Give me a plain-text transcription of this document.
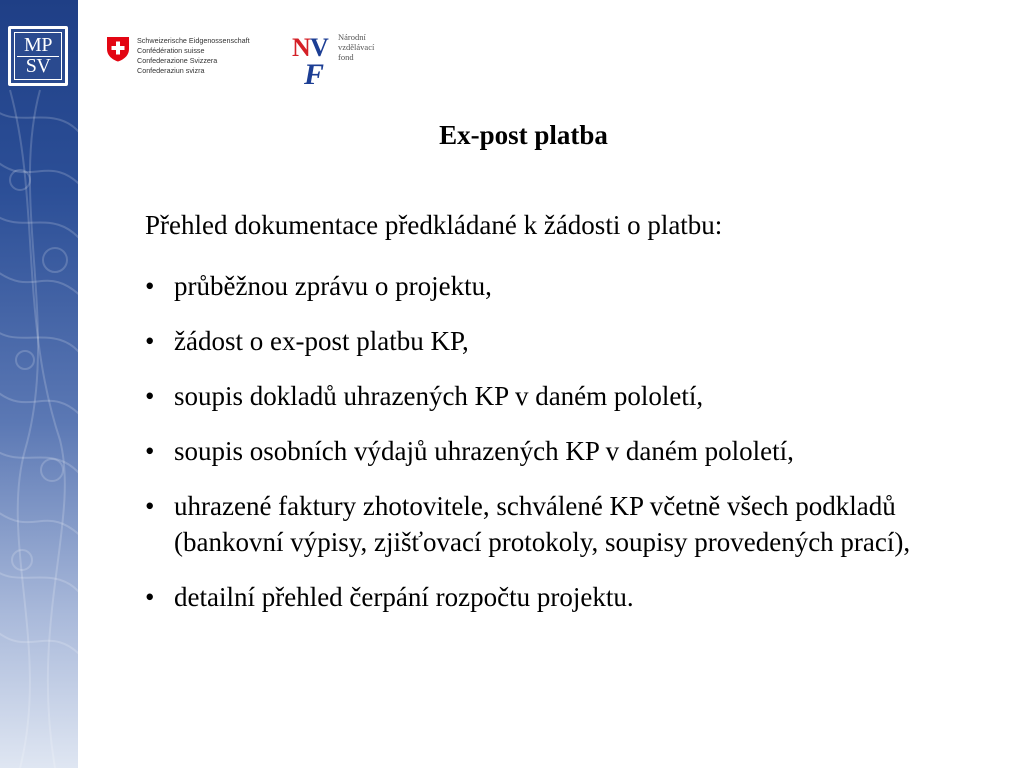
MP
SV
Schweizerische Eidgenossenschaft
Confédération suisse
Confederazione Svizzera
Confederaziun svizra
N V
F
Národní
vzdělávací
fond
Ex-post platba
Přehled dokumentace předkládané k žádosti o platbu:
• průběžnou zprávu o projektu,
• žádost o ex-post platbu KP,
• soupis dokladů uhrazených KP v daném pololetí,
• soupis osobních výdajů uhrazených KP v daném pololetí,
• uhrazené faktury zhotovitele, schválené KP včetně všech podkladů (bankovní výpisy, zjišťovací protokoly, soupisy provedených prací),
• detailní přehled čerpání rozpočtu projektu.
